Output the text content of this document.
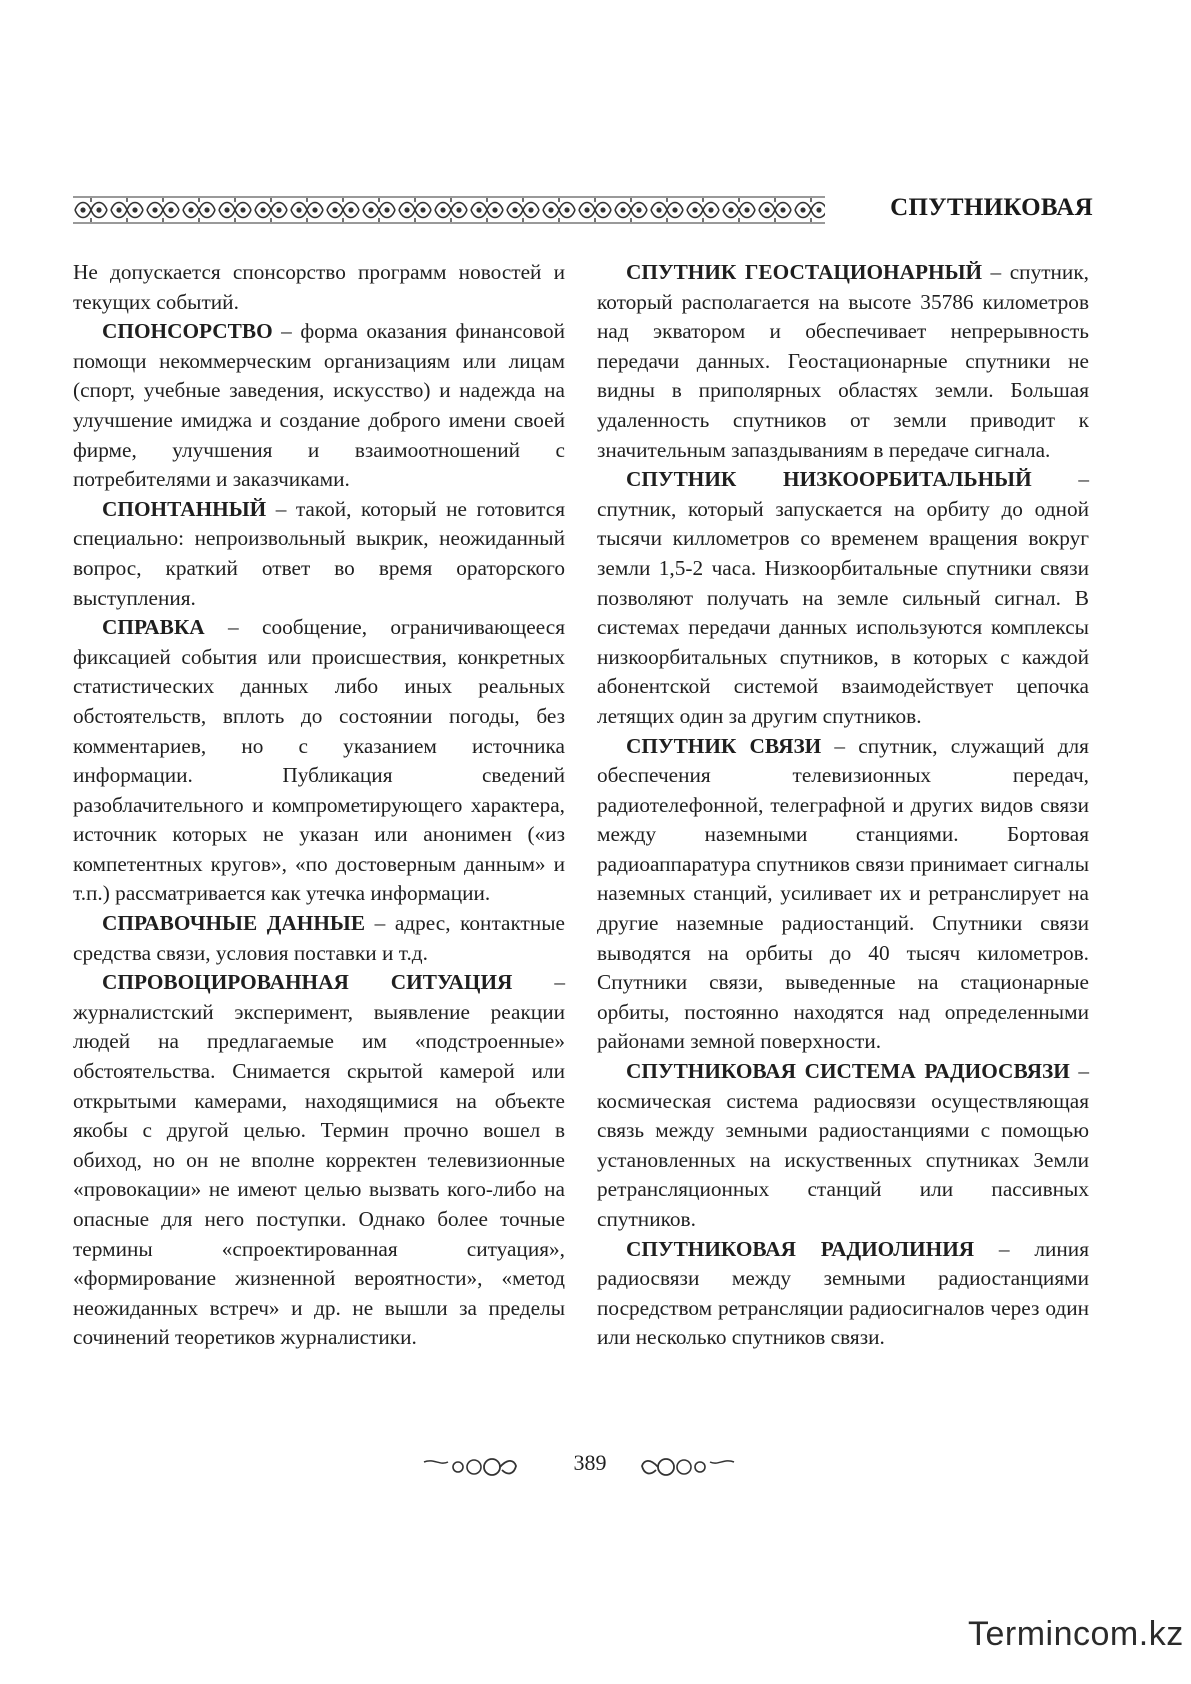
СПУТНИКОВАЯ

Не допускается спонсорство программ новостей и текущих событий.

СПОНСОРСТВО – форма оказания финансовой помощи некоммерческим организациям или лицам (спорт, учебные заведения, искусство) и надежда на улучшение имиджа и создание доброго имени своей фирме, улучшения и взаимоотношений с потребителями и заказчиками.

СПОНТАННЫЙ – такой, который не готовится специально: непроизвольный выкрик, неожиданный вопрос, краткий ответ во время ораторского выступления.

СПРАВКА – сообщение, ограничивающееся фиксацией события или происшествия, конкретных статистических данных либо иных реальных обстоятельств, вплоть до состоянии погоды, без комментариев, но с указанием источника информации. Публикация сведений разоблачительного и компрометирующего характера, источник которых не указан или анонимен («из компетентных кругов», «по достоверным данным» и т.п.) рассматривается как утечка информации.

СПРАВОЧНЫЕ ДАННЫЕ – адрес, контактные средства связи, условия поставки и т.д.

СПРОВОЦИРОВАННАЯ СИТУАЦИЯ – журналистский эксперимент, выявление реакции людей на предлагаемые им «подстроенные» обстоятельства. Снимается скрытой камерой или открытыми камерами, находящимися на объекте якобы с другой целью. Термин прочно вошел в обиход, но он не вполне корректен телевизионные «провокации» не имеют целью вызвать кого-либо на опасные для него поступки. Однако более точные термины «спроектированная ситуация», «формирование жизненной вероятности», «метод неожиданных встреч» и др. не вышли за пределы сочинений теоретиков журналистики.

СПУТНИК ГЕОСТАЦИОНАРНЫЙ – спутник, который располагается на высоте 35786 километров над экватором и обеспечивает непрерывность передачи данных. Геостационарные спутники не видны в приполярных областях земли. Большая удаленность спутников от земли приводит к значительным запаздываниям в передаче сигнала.

СПУТНИК НИЗКООРБИТАЛЬНЫЙ – спутник, который запускается на орбиту до одной тысячи киллометров со временем вращения вокруг земли 1,5-2 часа. Низкоорбитальные спутники связи позволяют получать на земле сильный сигнал. В системах передачи данных используются комплексы низкоорбитальных спутников, в которых с каждой абонентской системой взаимодействует цепочка летящих один за другим спутников.

СПУТНИК СВЯЗИ – спутник, служащий для обеспечения телевизионных передач, радиотелефонной, телеграфной и других видов связи между наземными станциями. Бортовая радиоаппаратура спутников связи принимает сигналы наземных станций, усиливает их и ретранслирует на другие наземные радиостанций. Спутники связи выводятся на орбиты до 40 тысяч километров. Спутники связи, выведенные на стационарные орбиты, постоянно находятся над определенными районами земной поверхности.

СПУТНИКОВАЯ СИСТЕМА РАДИОСВЯЗИ – космическая система радиосвязи осуществляющая связь между земными радиостанциями с помощью установленных на искуственных спутниках Земли ретрансляционных станций или пассивных спутников.

СПУТНИКОВАЯ РАДИОЛИНИЯ – линия радиосвязи между земными радиостанциями посредством ретрансляции радиосигналов через один или несколько спутников связи.

389
Termincom.kz
